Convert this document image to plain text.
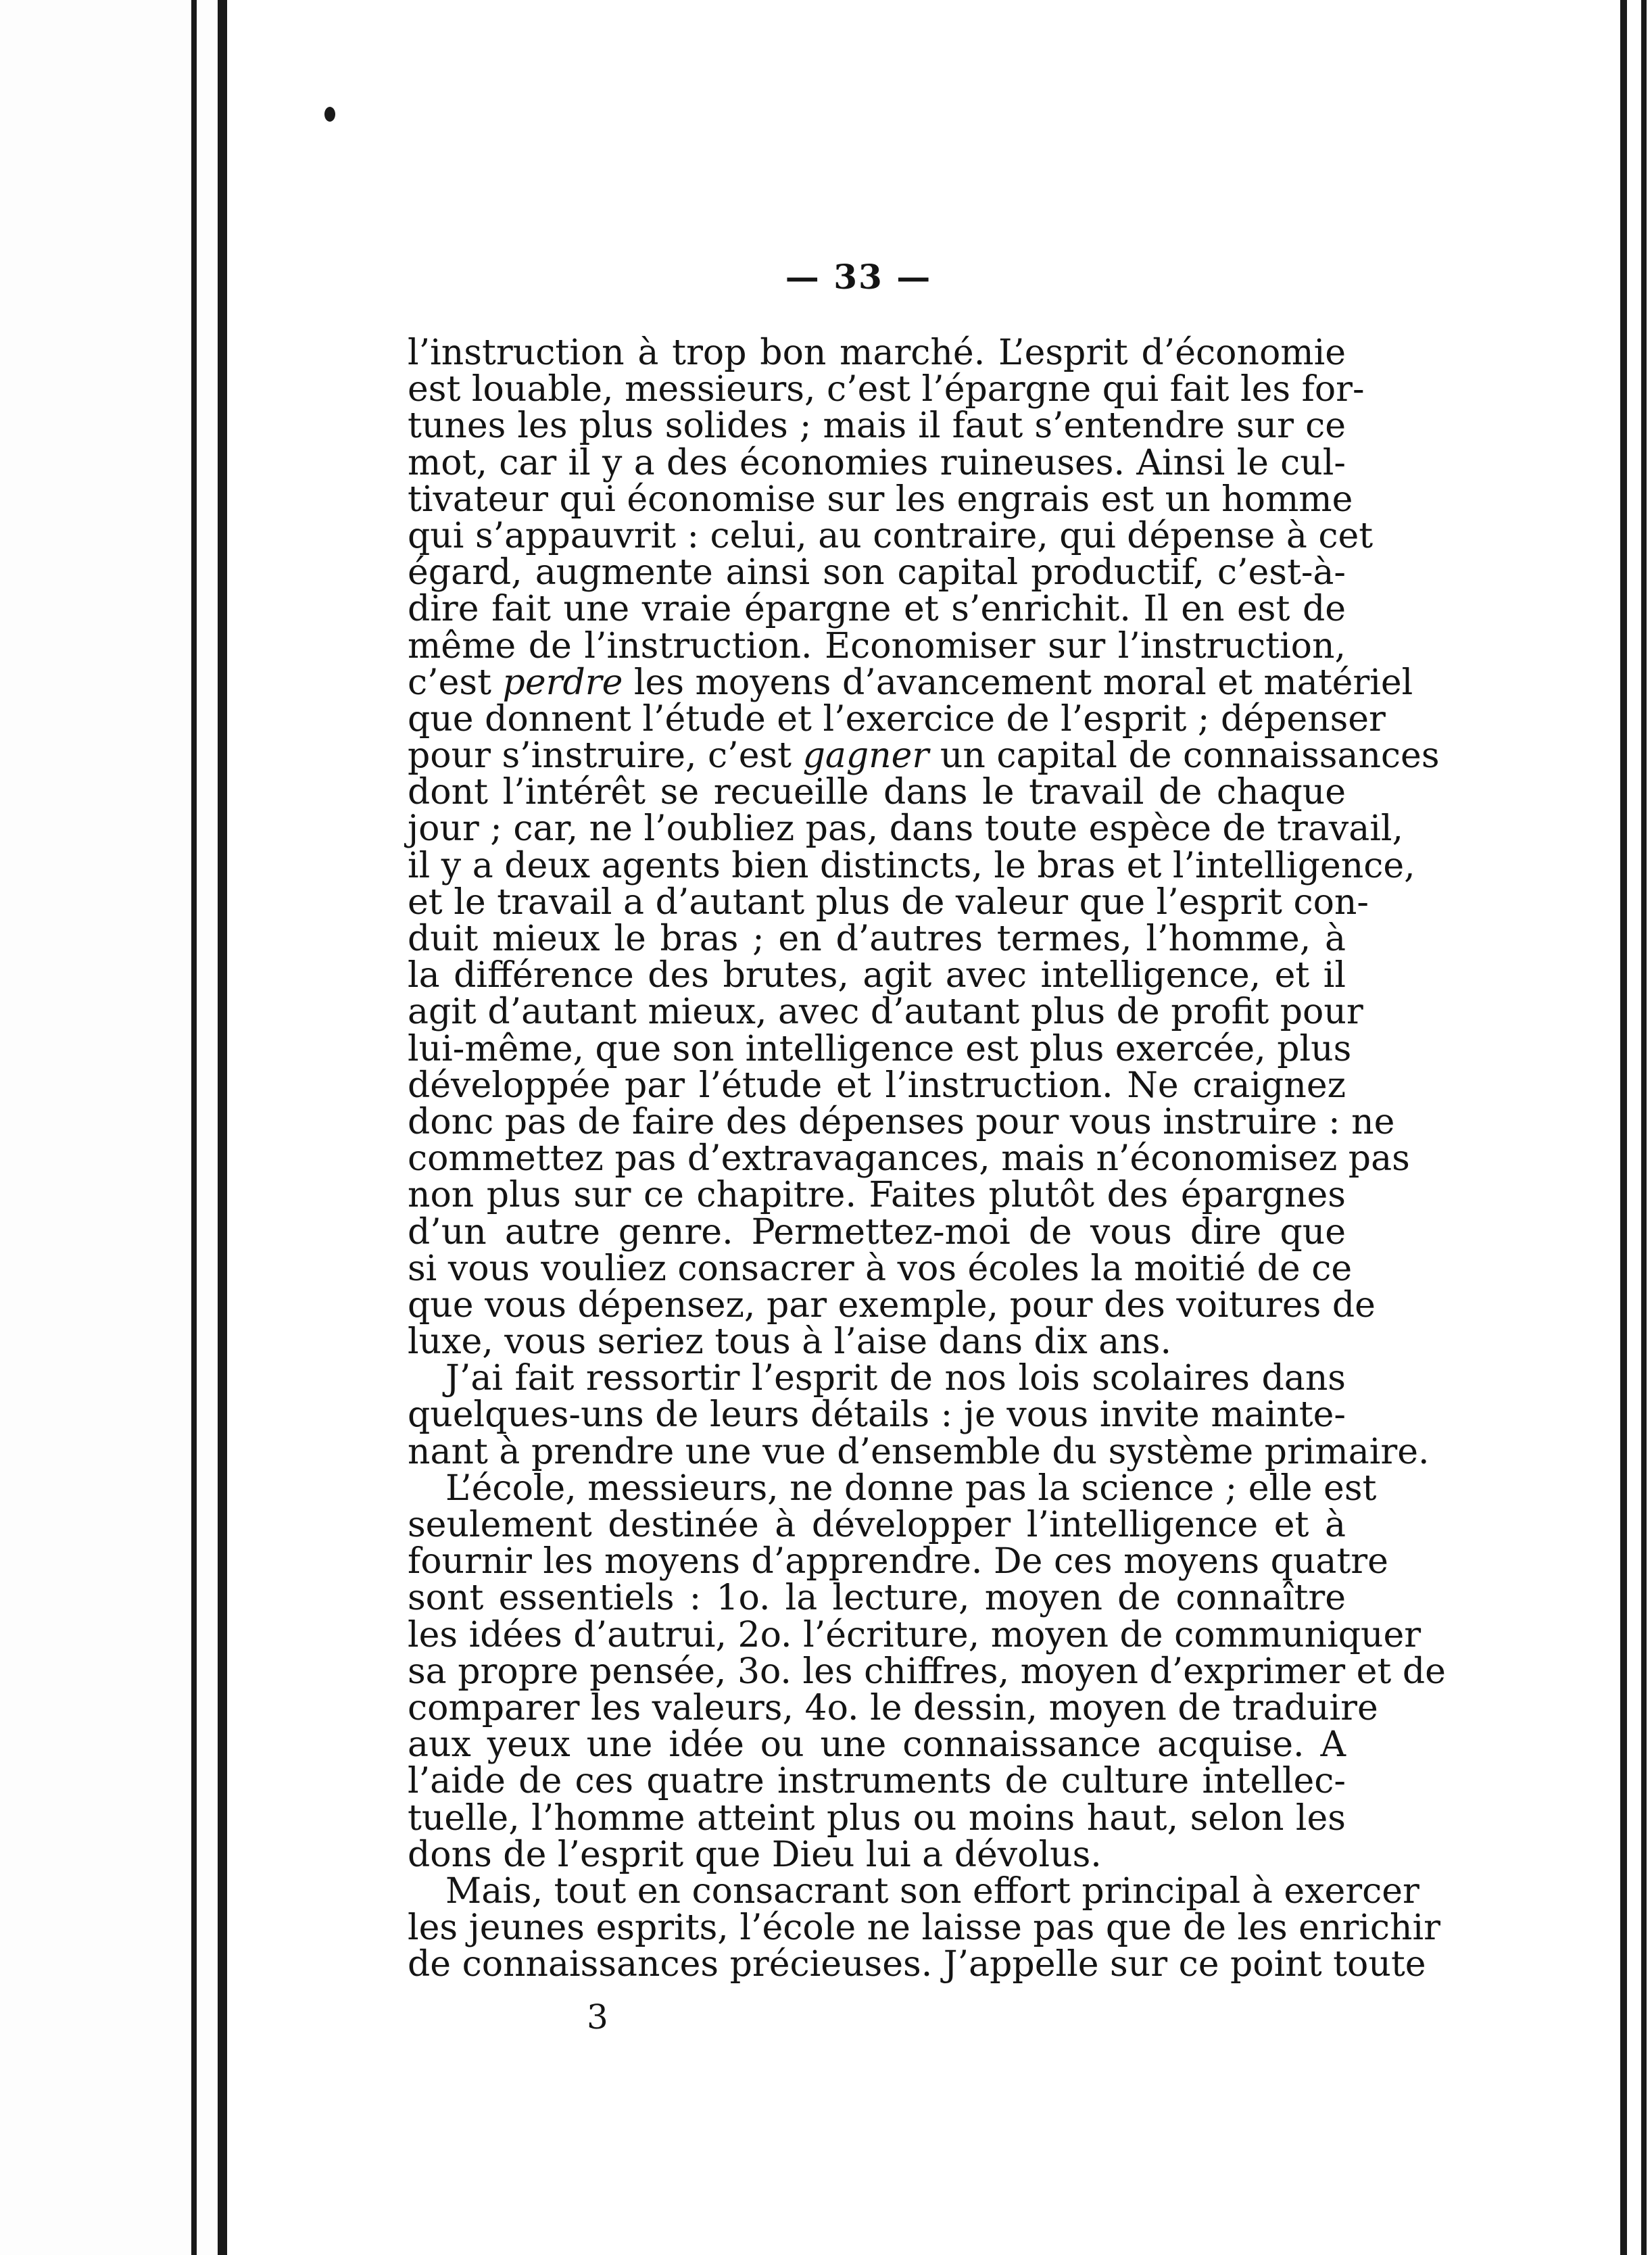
— 33 —
l’instruction à trop bon marché. L’esprit d’économie
est louable, messieurs, c’est l’épargne qui fait les for-
tunes les plus solides ; mais il faut s’entendre sur ce
mot, car il y a des économies ruineuses. Ainsi le cul-
tivateur qui économise sur les engrais est un homme
qui s’appauvrit : celui, au contraire, qui dépense à cet
égard, augmente ainsi son capital productif, c’est-à-
dire fait une vraie épargne et s’enrichit. Il en est de
même de l’instruction. Economiser sur l’instruction,
c’est perdre les moyens d’avancement moral et matériel
que donnent l’étude et l’exercice de l’esprit ; dépenser
pour s’instruire, c’est gagner un capital de connaissances
dont l’intérêt se recueille dans le travail de chaque
jour ; car, ne l’oubliez pas, dans toute espèce de travail,
il y a deux agents bien distincts, le bras et l’intelligence,
et le travail a d’autant plus de valeur que l’esprit con-
duit mieux le bras ; en d’autres termes, l’homme, à
la différence des brutes, agit avec intelligence, et il
agit d’autant mieux, avec d’autant plus de profit pour
lui-même, que son intelligence est plus exercée, plus
développée par l’étude et l’instruction. Ne craignez
donc pas de faire des dépenses pour vous instruire : ne
commettez pas d’extravagances, mais n’économisez pas
non plus sur ce chapitre. Faites plutôt des épargnes
d’un autre genre. Permettez-moi de vous dire que
si vous vouliez consacrer à vos écoles la moitié de ce
que vous dépensez, par exemple, pour des voitures de
luxe, vous seriez tous à l’aise dans dix ans.
J’ai fait ressortir l’esprit de nos lois scolaires dans
quelques-uns de leurs détails : je vous invite mainte-
nant à prendre une vue d’ensemble du système primaire.
L’école, messieurs, ne donne pas la science ; elle est
seulement destinée à développer l’intelligence et à
fournir les moyens d’apprendre. De ces moyens quatre
sont essentiels : 1o. la lecture, moyen de connaître
les idées d’autrui, 2o. l’écriture, moyen de communiquer
sa propre pensée, 3o. les chiffres, moyen d’exprimer et de
comparer les valeurs, 4o. le dessin, moyen de traduire
aux yeux une idée ou une connaissance acquise. A
l’aide de ces quatre instruments de culture intellec-
tuelle, l’homme atteint plus ou moins haut, selon les
dons de l’esprit que Dieu lui a dévolus.
Mais, tout en consacrant son effort principal à exercer
les jeunes esprits, l’école ne laisse pas que de les enrichir
de connaissances précieuses. J’appelle sur ce point toute
3
